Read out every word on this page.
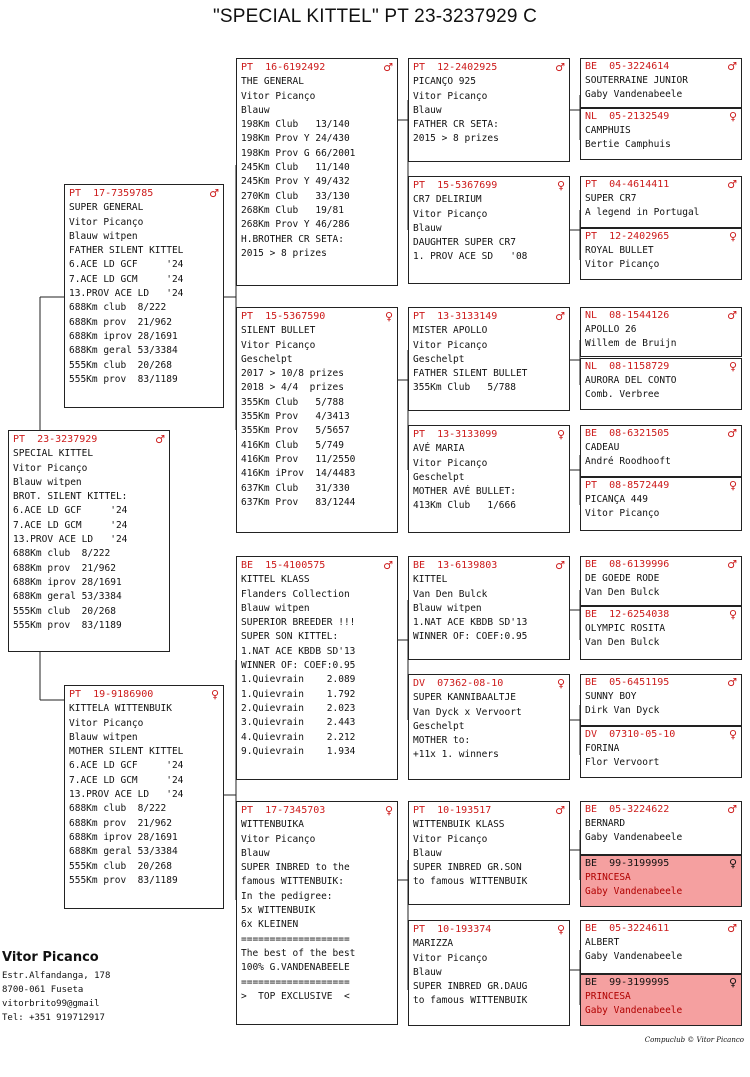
"SPECIAL KITTEL" PT 23-3237929 C
PT  23-3237929	♂
SPECIAL KITTEL
Vitor Picanço
Blauw witpen
BROT. SILENT KITTEL:
6.ACE LD GCF     '24
7.ACE LD GCM     '24
13.PROV ACE LD   '24
688Km club  8/222
688Km prov  21/962
688Km iprov 28/1691
688Km geral 53/3384
555Km club  20/268
555Km prov  83/1189
PT  17-7359785	♂
SUPER GENERAL
Vitor Picanço
Blauw witpen
FATHER SILENT KITTEL
6.ACE LD GCF     '24
7.ACE LD GCM     '24
13.PROV ACE LD   '24
688Km club  8/222
688Km prov  21/962
688Km iprov 28/1691
688Km geral 53/3384
555Km club  20/268
555Km prov  83/1189
PT  19-9186900	♀
KITTELA WITTENBUIK
Vitor Picanço
Blauw witpen
MOTHER SILENT KITTEL
6.ACE LD GCF     '24
7.ACE LD GCM     '24
13.PROV ACE LD   '24
688Km club  8/222
688Km prov  21/962
688Km iprov 28/1691
688Km geral 53/3384
555Km club  20/268
555Km prov  83/1189
PT  16-6192492	♂
THE GENERAL
Vitor Picanço
Blauw
198Km Club   13/140
198Km Prov Y 24/430
198Km Prov G 66/2001
245Km Club   11/140
245Km Prov Y 49/432
270Km Club   33/130
268Km Club   19/81
268Km Prov Y 46/286
H.BROTHER CR SETA:
2015 > 8 prizes
PT  15-5367590	♀
SILENT BULLET
Vitor Picanço
Geschelpt
2017 > 10/8 prizes
2018 > 4/4  prizes
355Km Club   5/788
355Km Prov   4/3413
355Km Prov   5/5657
416Km Club   5/749
416Km Prov   11/2550
416Km iProv  14/4483
637Km Club   31/330
637Km Prov   83/1244
BE  15-4100575	♂
KITTEL KLASS
Flanders Collection
Blauw witpen
SUPERIOR BREEDER !!!
SUPER SON KITTEL:
1.NAT ACE KBDB SD'13
WINNER OF: COEF:0.95
1.Quievrain    2.089
1.Quievrain    1.792
2.Quievrain    2.023
3.Quievrain    2.443
4.Quievrain    2.212
9.Quievrain    1.934
PT  17-7345703	♀
WITTENBUIKA
Vitor Picanço
Blauw
SUPER INBRED to the
famous WITTENBUIK:
In the pedigree:
5x WITTENBUIK
6x KLEINEN
===================
The best of the best
100% G.VANDENABEELE
===================
>  TOP EXCLUSIVE  <
PT  12-2402925	♂
PICANÇO 925
Vitor Picanço
Blauw
FATHER CR SETA:
2015 > 8 prizes
PT  15-5367699	♀
CR7 DELIRIUM
Vitor Picanço
Blauw
DAUGHTER SUPER CR7
1. PROV ACE SD   '08
PT  13-3133149	♂
MISTER APOLLO
Vitor Picanço
Geschelpt
FATHER SILENT BULLET
355Km Club   5/788
PT  13-3133099	♀
AVÉ MARIA
Vitor Picanço
Geschelpt
MOTHER AVÉ BULLET:
413Km Club   1/666
BE  13-6139803	♂
KITTEL
Van Den Bulck
Blauw witpen
1.NAT ACE KBDB SD'13
WINNER OF: COEF:0.95
DV  07362-08-10	♀
SUPER KANNIBAALTJE
Van Dyck x Vervoort
Geschelpt
MOTHER to:
+11x 1. winners
PT  10-193517	♂
WITTENBUIK KLASS
Vitor Picanço
Blauw
SUPER INBRED GR.SON
to famous WITTENBUIK
PT  10-193374	♀
MARIZZA
Vitor Picanço
Blauw
SUPER INBRED GR.DAUG
to famous WITTENBUIK
BE  05-3224614	♂
SOUTERRAINE JUNIOR
Gaby Vandenabeele
NL  05-2132549	♀
CAMPHUIS
Bertie Camphuis
PT  04-4614411	♂
SUPER CR7
A legend in Portugal
PT  12-2402965	♀
ROYAL BULLET
Vitor Picanço
NL  08-1544126	♂
APOLLO 26
Willem de Bruijn
NL  08-1158729	♀
AURORA DEL CONTO
Comb. Verbree
BE  08-6321505	♂
CADEAU
André Roodhooft
PT  08-8572449	♀
PICANÇA 449
Vitor Picanço
BE  08-6139996	♂
DE GOEDE RODE
Van Den Bulck
BE  12-6254038	♀
OLYMPIC ROSITA
Van Den Bulck
BE  05-6451195	♂
SUNNY BOY
Dirk Van Dyck
DV  07310-05-10	♀
FORINA
Flor Vervoort
BE  05-3224622	♂
BERNARD
Gaby Vandenabeele
BE  99-3199995	♀
PRINCESA
Gaby Vandenabeele
BE  05-3224611	♂
ALBERT
Gaby Vandenabeele
BE  99-3199995	♀
PRINCESA
Gaby Vandenabeele
Vitor Picanco
Estr.Alfandanga, 178
8700-061 Fuseta
vitorbrito99@gmail
Tel: +351 919712917
Compuclub © Vitor Picanco
